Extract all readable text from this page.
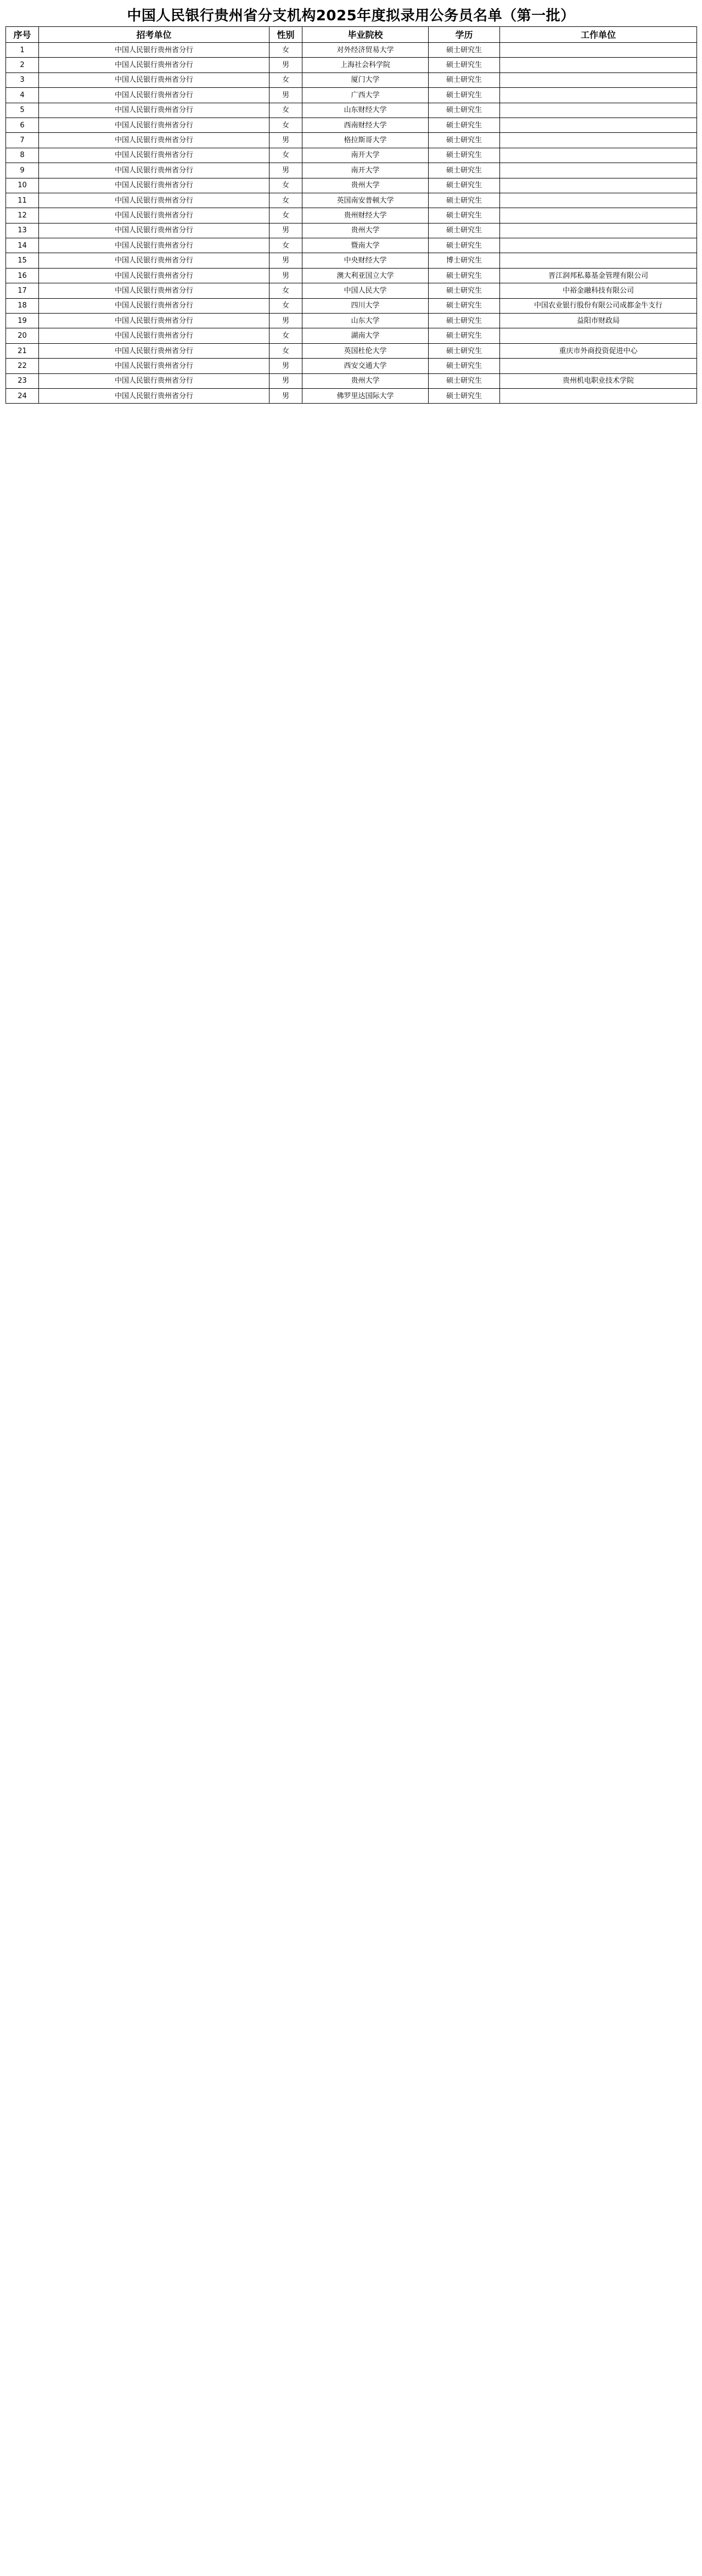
中国人民银行贵州省分支机构2025年度拟录用公务员名单（第一批）
序号	招考单位	性别	毕业院校	学历	工作单位
1	中国人民银行贵州省分行	女	对外经济贸易大学	硕士研究生	
2	中国人民银行贵州省分行	男	上海社会科学院	硕士研究生	
3	中国人民银行贵州省分行	女	厦门大学	硕士研究生	
4	中国人民银行贵州省分行	男	广西大学	硕士研究生	
5	中国人民银行贵州省分行	女	山东财经大学	硕士研究生	
6	中国人民银行贵州省分行	女	西南财经大学	硕士研究生	
7	中国人民银行贵州省分行	男	格拉斯哥大学	硕士研究生	
8	中国人民银行贵州省分行	女	南开大学	硕士研究生	
9	中国人民银行贵州省分行	男	南开大学	硕士研究生	
10	中国人民银行贵州省分行	女	贵州大学	硕士研究生	
11	中国人民银行贵州省分行	女	英国南安普顿大学	硕士研究生	
12	中国人民银行贵州省分行	女	贵州财经大学	硕士研究生	
13	中国人民银行贵州省分行	男	贵州大学	硕士研究生	
14	中国人民银行贵州省分行	女	暨南大学	硕士研究生	
15	中国人民银行贵州省分行	男	中央财经大学	博士研究生	
16	中国人民银行贵州省分行	男	澳大利亚国立大学	硕士研究生	晋江润邦私募基金管理有限公司
17	中国人民银行贵州省分行	女	中国人民大学	硕士研究生	中裕金融科技有限公司
18	中国人民银行贵州省分行	女	四川大学	硕士研究生	中国农业银行股份有限公司成都金牛支行
19	中国人民银行贵州省分行	男	山东大学	硕士研究生	益阳市财政局
20	中国人民银行贵州省分行	女	湖南大学	硕士研究生	
21	中国人民银行贵州省分行	女	英国杜伦大学	硕士研究生	重庆市外商投资促进中心
22	中国人民银行贵州省分行	男	西安交通大学	硕士研究生	
23	中国人民银行贵州省分行	男	贵州大学	硕士研究生	贵州机电职业技术学院
24	中国人民银行贵州省分行	男	佛罗里达国际大学	硕士研究生	
